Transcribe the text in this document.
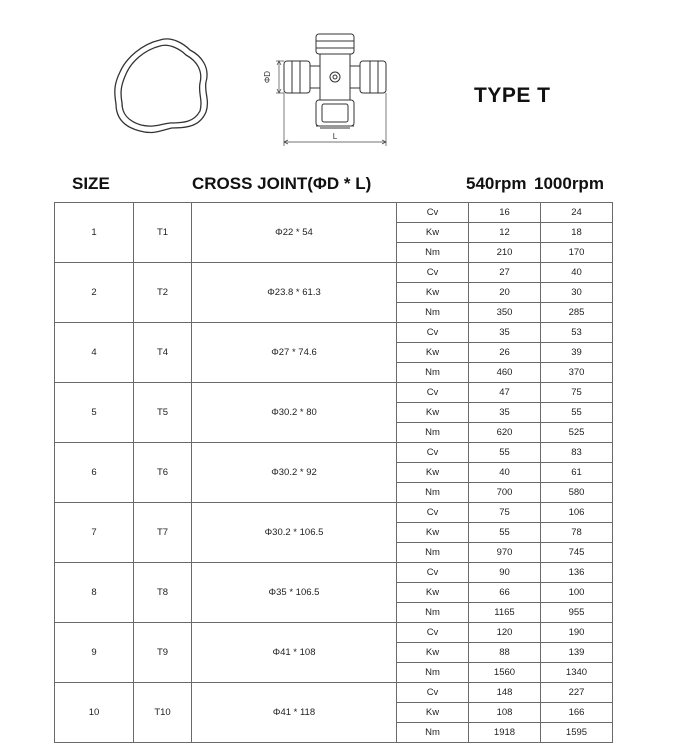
ΦD
L
TYPE T
SIZE	CROSS JOINT(ΦD * L)	540rpm 1000rpm
1	T1	Φ22 * 54	Cv	16	24
			Kw	12	18
			Nm	210	170
2	T2	Φ23.8 * 61.3	Cv	27	40
			Kw	20	30
			Nm	350	285
4	T4	Φ27 * 74.6	Cv	35	53
			Kw	26	39
			Nm	460	370
5	T5	Φ30.2 * 80	Cv	47	75
			Kw	35	55
			Nm	620	525
6	T6	Φ30.2 * 92	Cv	55	83
			Kw	40	61
			Nm	700	580
7	T7	Φ30.2 * 106.5	Cv	75	106
			Kw	55	78
			Nm	970	745
8	T8	Φ35 * 106.5	Cv	90	136
			Kw	66	100
			Nm	1165	955
9	T9	Φ41 * 108	Cv	120	190
			Kw	88	139
			Nm	1560	1340
10	T10	Φ41 * 118	Cv	148	227
			Kw	108	166
			Nm	1918	1595
